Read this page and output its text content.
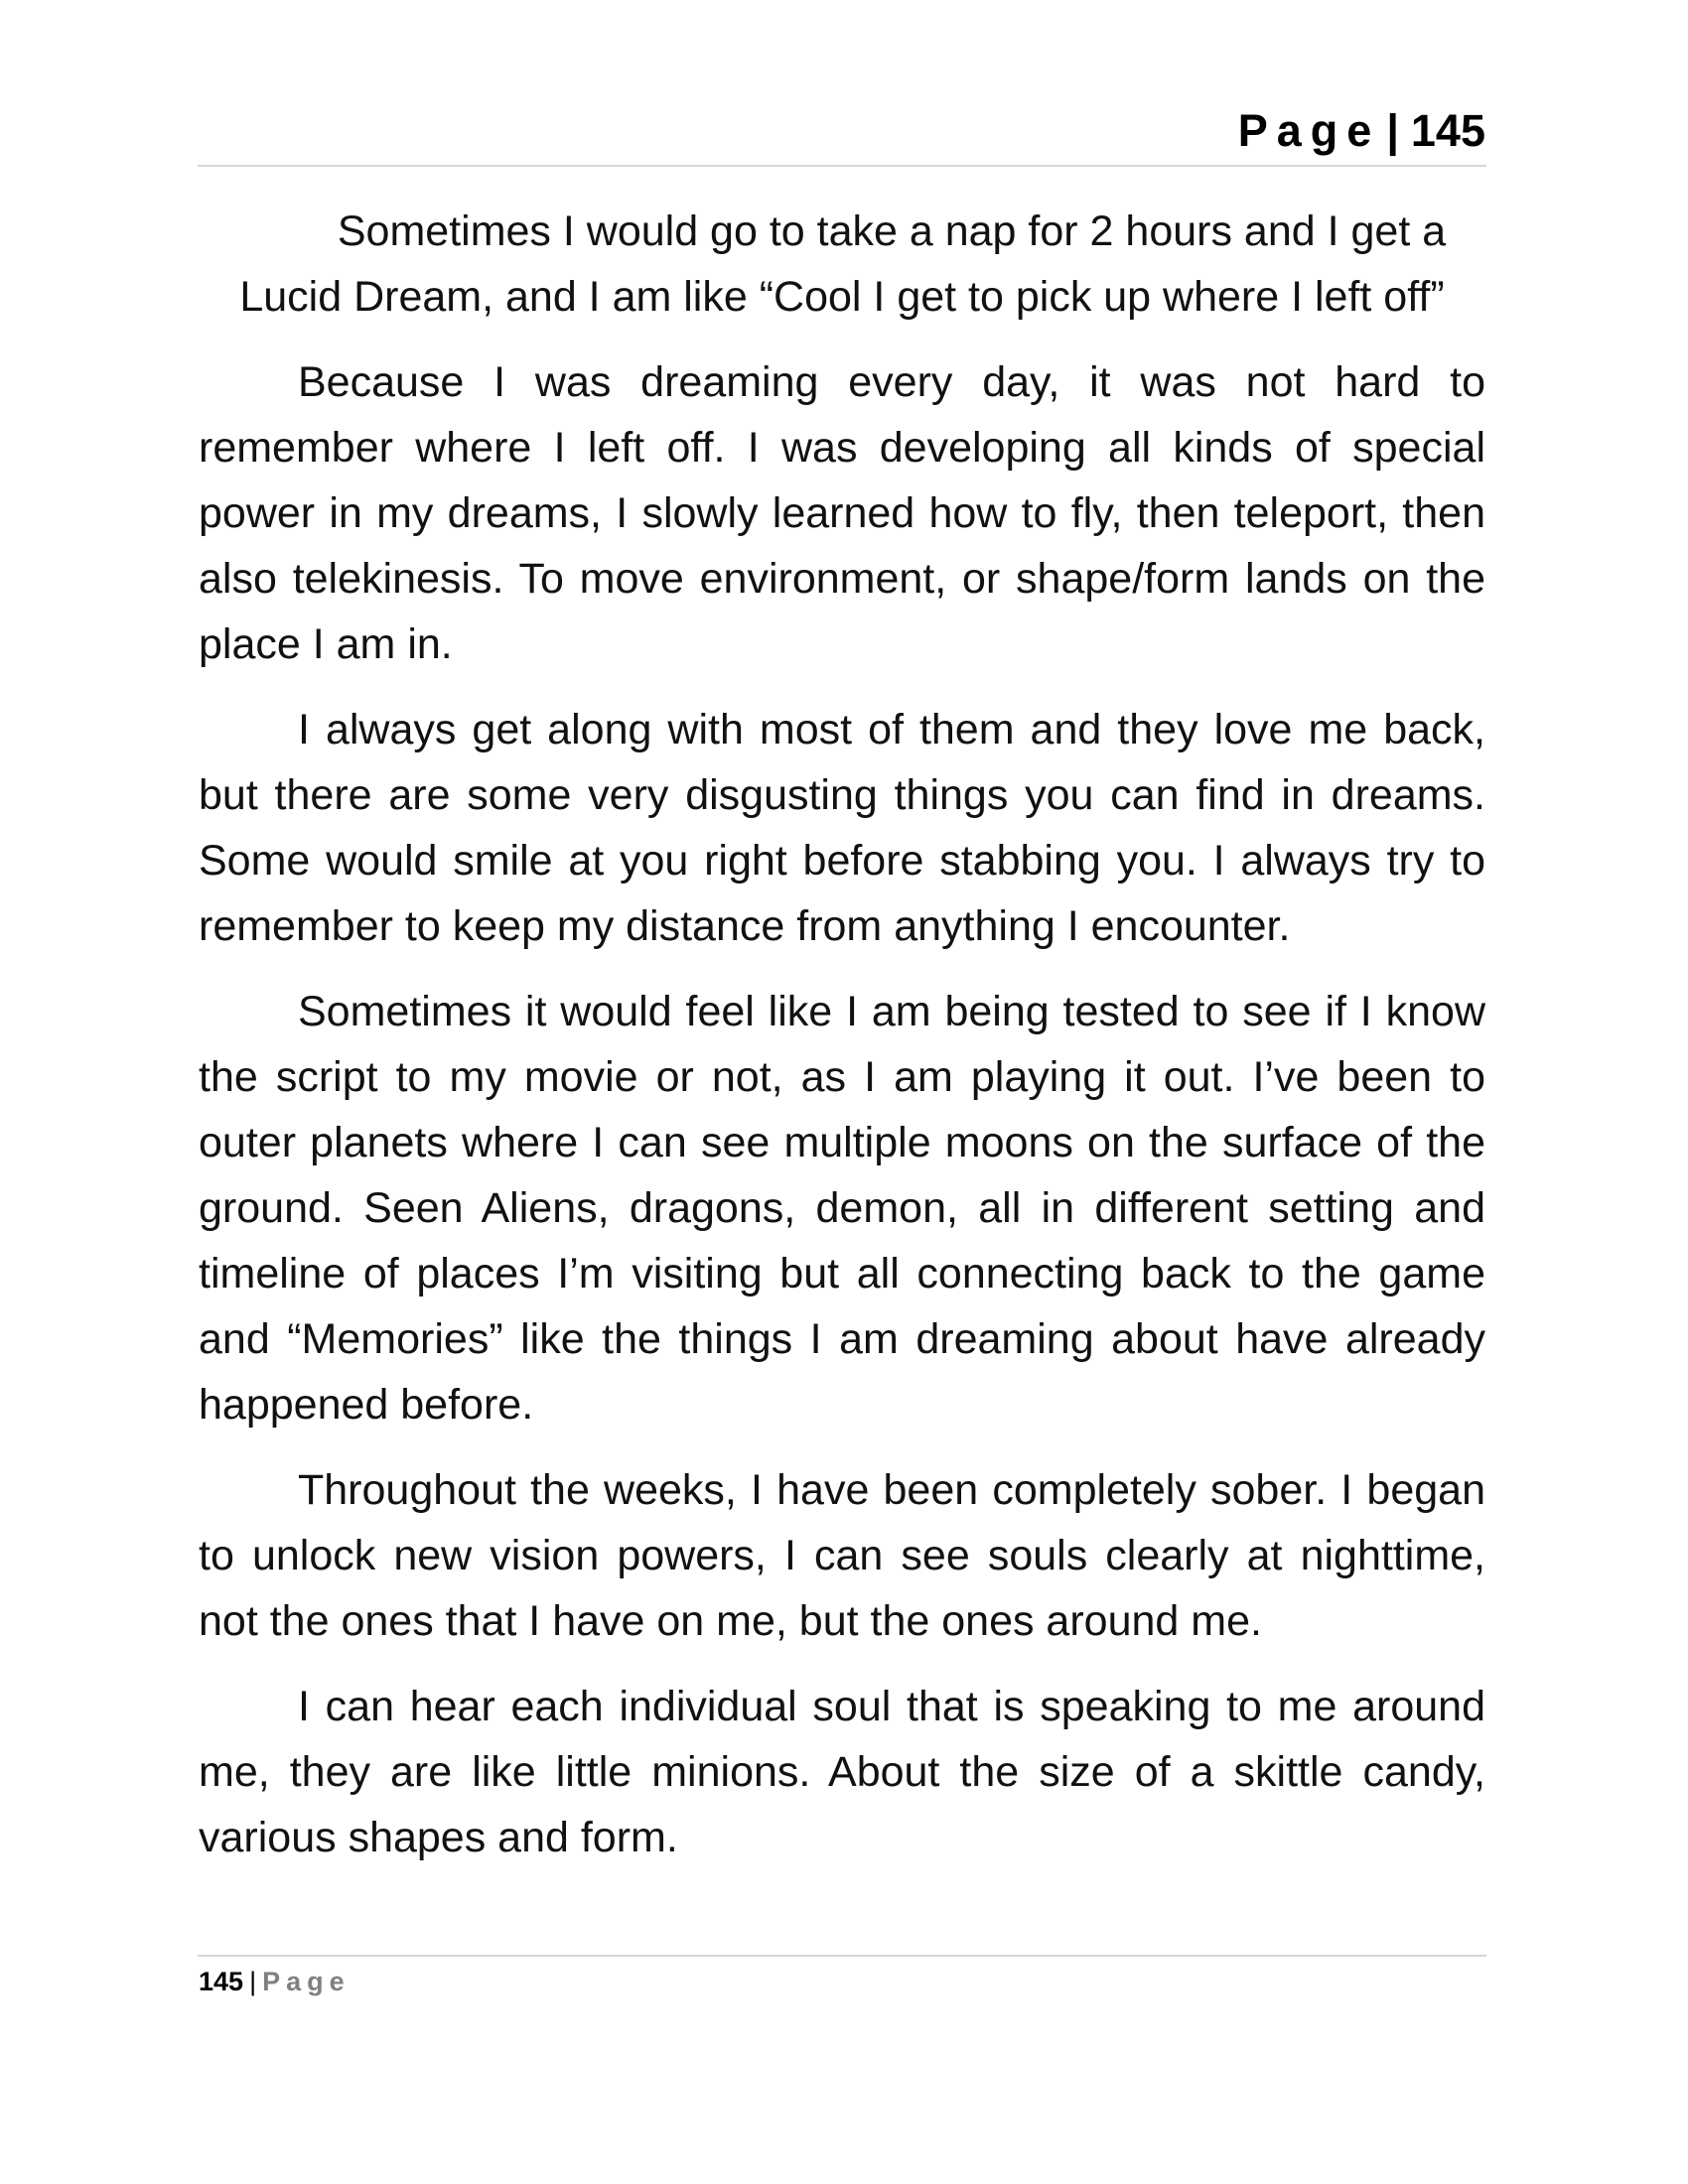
Page | 145

Sometimes I would go to take a nap for 2 hours and I get a
Lucid Dream, and I am like “Cool I get to pick up where I left off”

Because I was dreaming every day, it was not hard to remember where I left off. I was developing all kinds of special power in my dreams, I slowly learned how to fly, then teleport, then also telekinesis. To move environment, or shape/form lands on the place I am in.

I always get along with most of them and they love me back, but there are some very disgusting things you can find in dreams. Some would smile at you right before stabbing you. I always try to remember to keep my distance from anything I encounter.

Sometimes it would feel like I am being tested to see if I know the script to my movie or not, as I am playing it out. I’ve been to outer planets where I can see multiple moons on the surface of the ground. Seen Aliens, dragons, demon, all in different setting and timeline of places I’m visiting but all connecting back to the game and “Memories” like the things I am dreaming about have already happened before.

Throughout the weeks, I have been completely sober. I began to unlock new vision powers, I can see souls clearly at nighttime, not the ones that I have on me, but the ones around me.

I can hear each individual soul that is speaking to me around me, they are like little minions. About the size of a skittle candy, various shapes and form.

145 | Page
